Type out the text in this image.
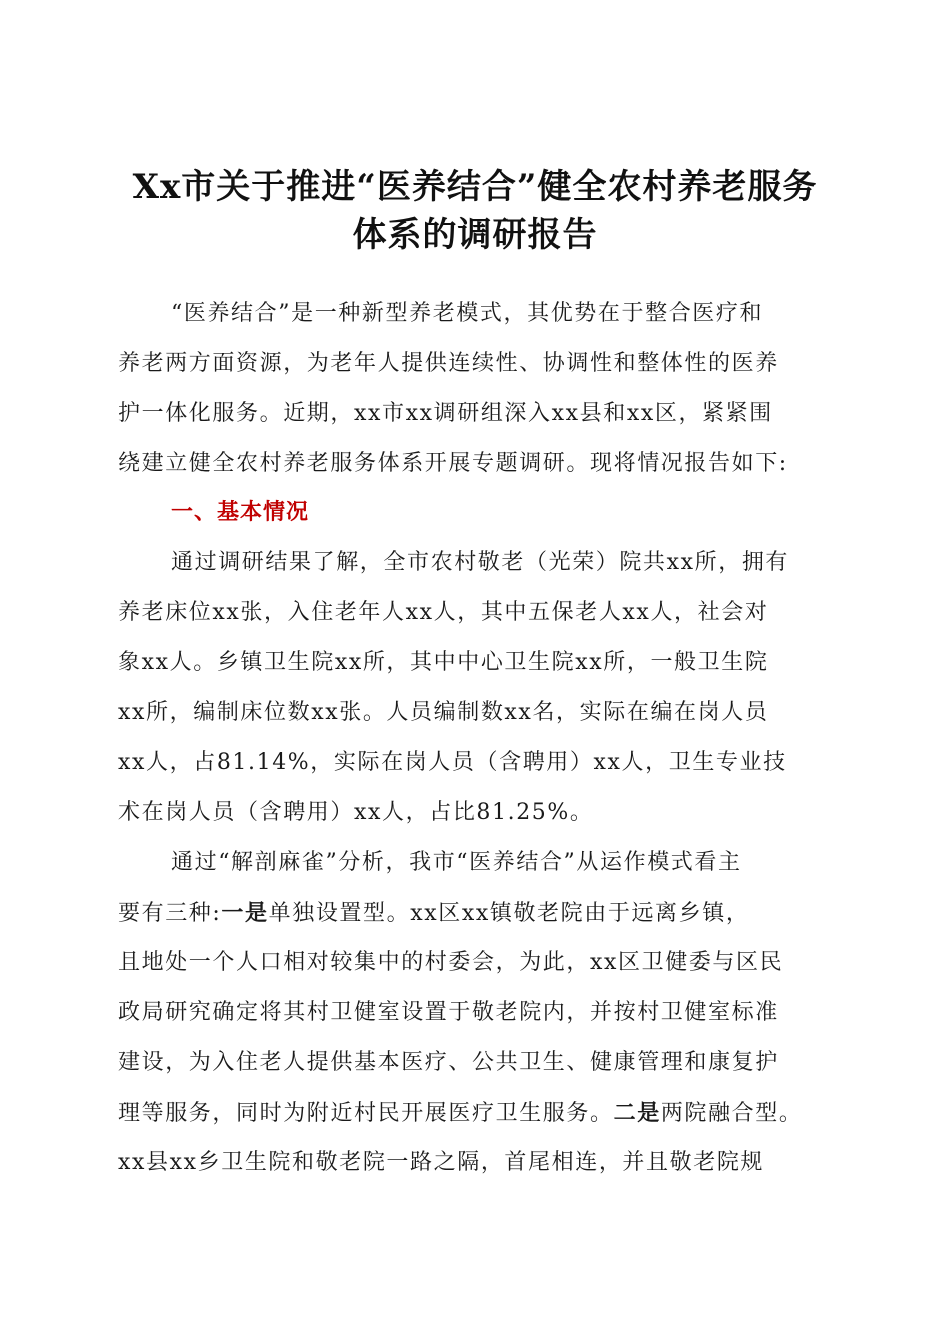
Xx市关于推进“医养结合”健全农村养老服务
体系的调研报告
“医养结合”是一种新型养老模式，其优势在于整合医疗和
养老两方面资源，为老年人提供连续性、协调性和整体性的医养
护一体化服务。近期，xx市xx调研组深入xx县和xx区，紧紧围
绕建立健全农村养老服务体系开展专题调研。现将情况报告如下:
一、基本情况
通过调研结果了解，全市农村敬老（光荣）院共xx所，拥有
养老床位xx张，入住老年人xx人，其中五保老人xx人，社会对
象xx人。乡镇卫生院xx所，其中中心卫生院xx所，一般卫生院
xx所，编制床位数xx张。人员编制数xx名，实际在编在岗人员
xx人，占81.14%，实际在岗人员（含聘用）xx人，卫生专业技
术在岗人员（含聘用）xx人，占比81.25%。
通过“解剖麻雀”分析，我市“医养结合”从运作模式看主
要有三种:一是单独设置型。xx区xx镇敬老院由于远离乡镇，
且地处一个人口相对较集中的村委会，为此，xx区卫健委与区民
政局研究确定将其村卫健室设置于敬老院内，并按村卫健室标准
建设，为入住老人提供基本医疗、公共卫生、健康管理和康复护
理等服务，同时为附近村民开展医疗卫生服务。二是两院融合型。
xx县xx乡卫生院和敬老院一路之隔，首尾相连，并且敬老院规
